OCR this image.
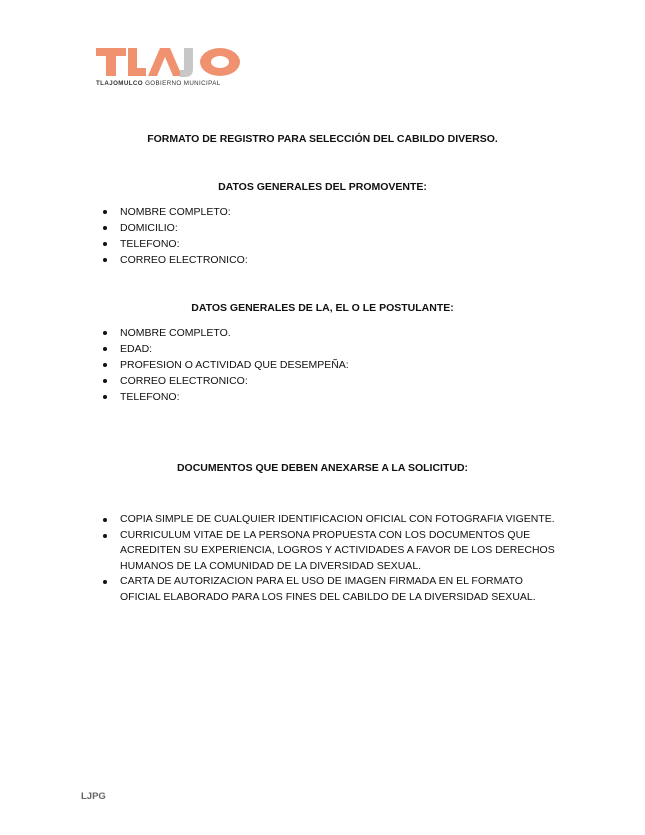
TLAJOMULCO GOBIERNO MUNICIPAL
FORMATO DE REGISTRO PARA SELECCIÓN DEL CABILDO DIVERSO.
DATOS GENERALES DEL PROMOVENTE:
NOMBRE COMPLETO:
DOMICILIO:
TELEFONO:
CORREO ELECTRONICO:
DATOS GENERALES DE LA, EL O LE POSTULANTE:
NOMBRE COMPLETO.
EDAD:
PROFESION O ACTIVIDAD QUE DESEMPEÑA:
CORREO ELECTRONICO:
TELEFONO:
DOCUMENTOS QUE DEBEN ANEXARSE A LA SOLICITUD:
COPIA SIMPLE DE CUALQUIER IDENTIFICACION OFICIAL CON FOTOGRAFIA VIGENTE.
CURRICULUM VITAE DE LA PERSONA PROPUESTA CON LOS DOCUMENTOS QUE ACREDITEN SU EXPERIENCIA, LOGROS Y ACTIVIDADES A FAVOR DE LOS DERECHOS HUMANOS DE LA COMUNIDAD DE LA DIVERSIDAD SEXUAL.
CARTA DE AUTORIZACION PARA EL USO DE IMAGEN FIRMADA EN EL FORMATO OFICIAL ELABORADO PARA LOS FINES DEL CABILDO DE LA DIVERSIDAD SEXUAL.
LJPG
